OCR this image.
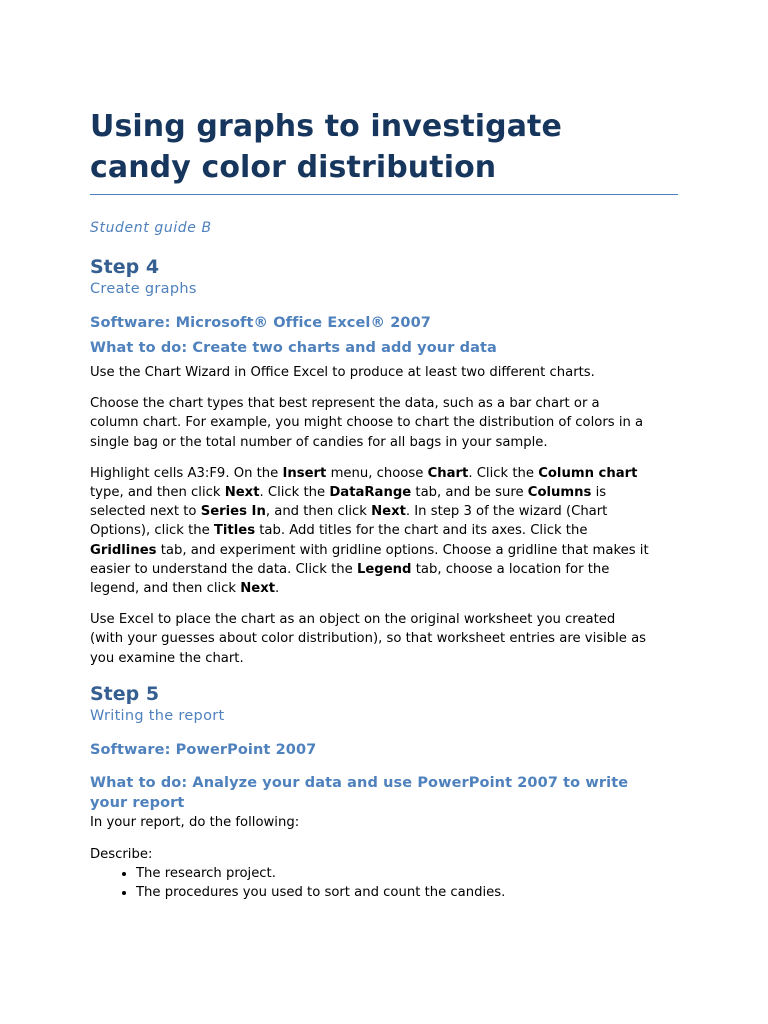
Using graphs to investigate
candy color distribution
Student guide B
Step 4
Create graphs
Software: Microsoft® Office Excel® 2007
What to do: Create two charts and add your data

Use the Chart Wizard in Office Excel to produce at least two different charts.

Choose the chart types that best represent the data, such as a bar chart or a
column chart. For example, you might choose to chart the distribution of colors in a
single bag or the total number of candies for all bags in your sample.

Highlight cells A3:F9. On the Insert menu, choose Chart. Click the Column chart
type, and then click Next. Click the DataRange tab, and be sure Columns is
selected next to Series In, and then click Next. In step 3 of the wizard (Chart
Options), click the Titles tab. Add titles for the chart and its axes. Click the
Gridlines tab, and experiment with gridline options. Choose a gridline that makes it
easier to understand the data. Click the Legend tab, choose a location for the
legend, and then click Next.

Use Excel to place the chart as an object on the original worksheet you created
(with your guesses about color distribution), so that worksheet entries are visible as
you examine the chart.

Step 5
Writing the report
Software: PowerPoint 2007
What to do: Analyze your data and use PowerPoint 2007 to write
your report

In your report, do the following:

Describe:

• The research project.
• The procedures you used to sort and count the candies.
